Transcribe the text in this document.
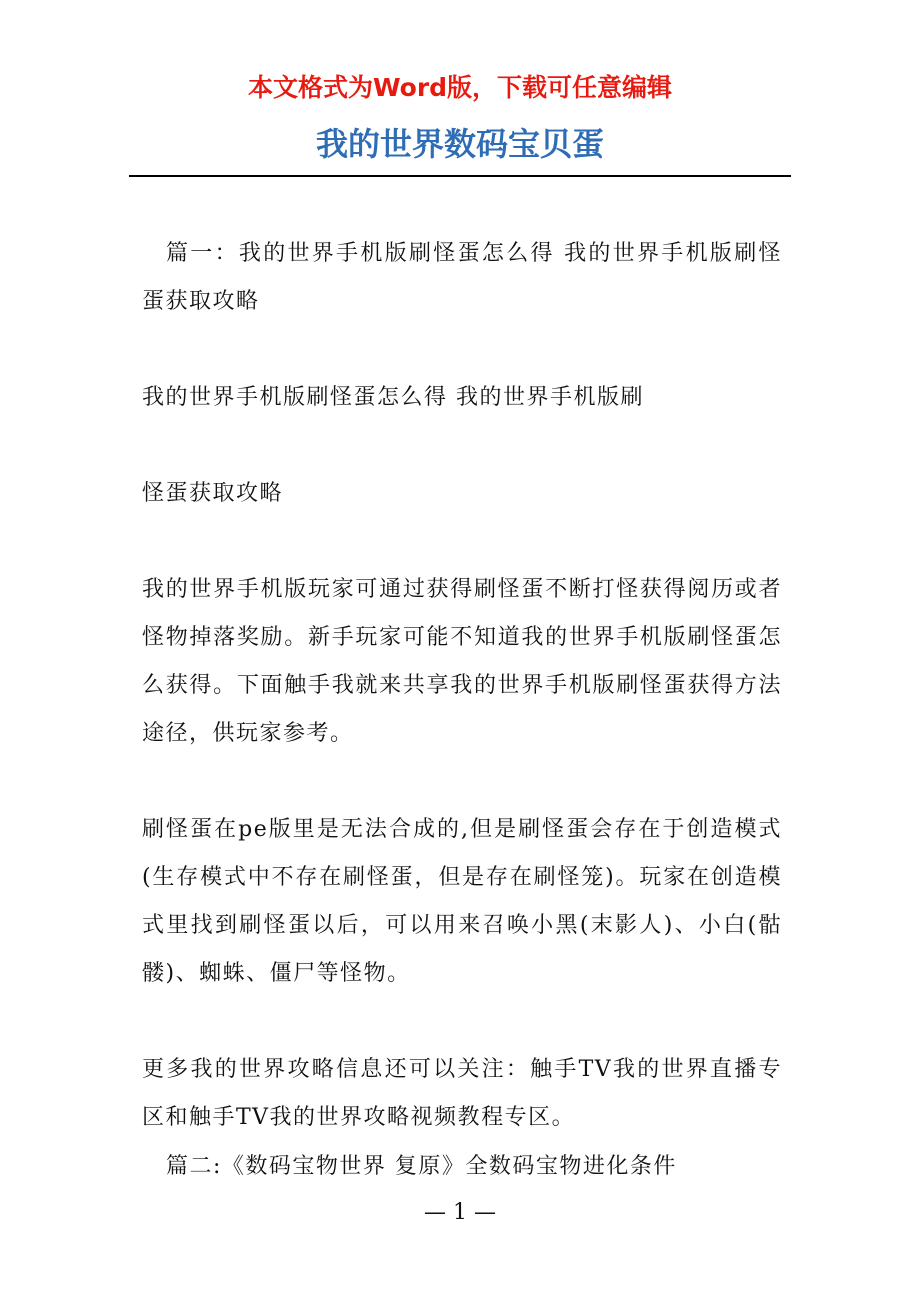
本文格式为Word版，下载可任意编辑
我的世界数码宝贝蛋

篇一：我的世界手机版刷怪蛋怎么得 我的世界手机版刷怪蛋获取攻略

我的世界手机版刷怪蛋怎么得 我的世界手机版刷

怪蛋获取攻略

我的世界手机版玩家可通过获得刷怪蛋不断打怪获得阅历或者怪物掉落奖励。新手玩家可能不知道我的世界手机版刷怪蛋怎么获得。下面触手我就来共享我的世界手机版刷怪蛋获得方法途径，供玩家参考。

刷怪蛋在pe版里是无法合成的,但是刷怪蛋会存在于创造模式(生存模式中不存在刷怪蛋，但是存在刷怪笼)。玩家在创造模式里找到刷怪蛋以后，可以用来召唤小黑(末影人)、小白(骷髅)、蜘蛛、僵尸等怪物。

更多我的世界攻略信息还可以关注：触手TV我的世界直播专区和触手TV我的世界攻略视频教程专区。

篇二:《数码宝物世界 复原》全数码宝物进化条件

— 1 —
